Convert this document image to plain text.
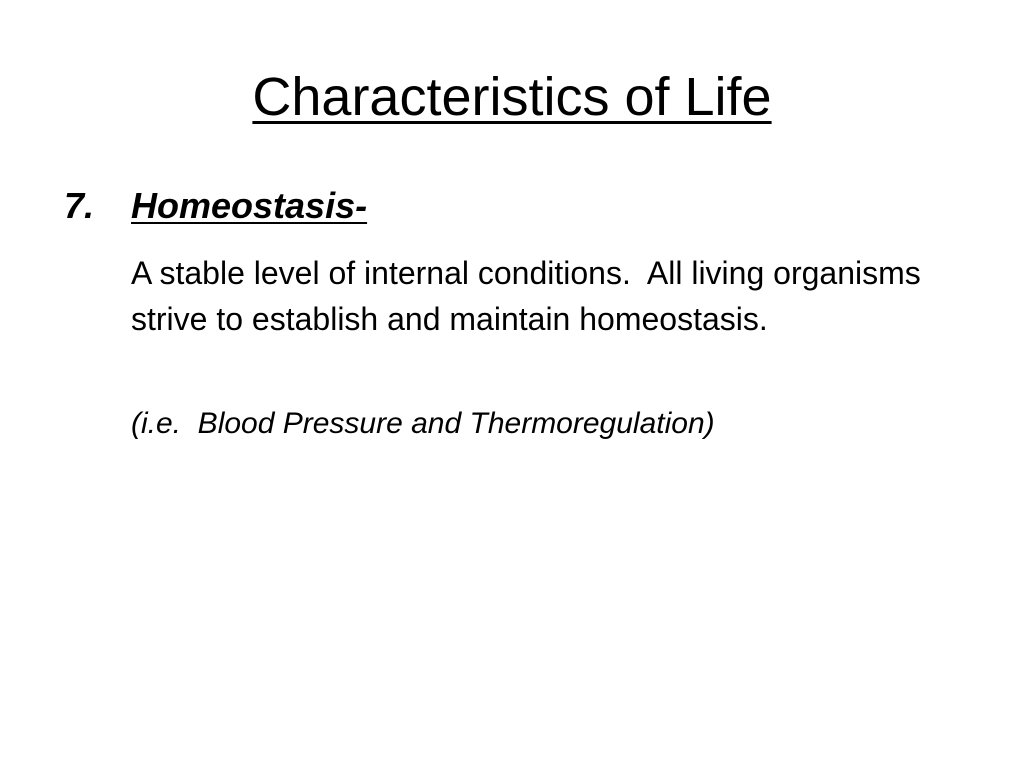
Characteristics of Life
7. Homeostasis-
A stable level of internal conditions.  All living organisms strive to establish and maintain homeostasis.
(i.e.  Blood Pressure and Thermoregulation)
